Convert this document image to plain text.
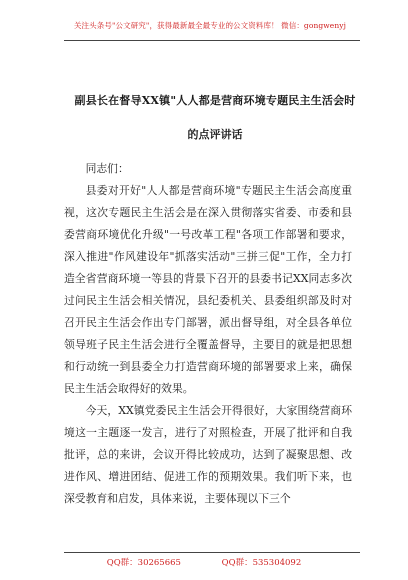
关注头条号"公文研究"，获得最新最全最专业的公文资料库！ 微信：gongwenyj
副县长在督导XX镇"人人都是营商环境专题民主生活会时
的点评讲话

同志们：

县委对开好"人人都是营商环境"专题民主生活会高度重视，这次专题民主生活会是在深入贯彻落实省委、市委和县委营商环境优化升级"一号改革工程"各项工作部署和要求，深入推进"作风建设年"抓落实活动"三拼三促"工作，全力打造全省营商环境一等县的背景下召开的县委书记XX同志多次过问民主生活会相关情况，县纪委机关、县委组织部及时对召开民主生活会作出专门部署，派出督导组，对全县各单位领导班子民主生活会进行全覆盖督导，主要目的就是把思想和行动统一到县委全力打造营商环境的部署要求上来，确保民主生活会取得好的效果。

今天，XX镇党委民主生活会开得很好，大家围绕营商环境这一主题逐一发言，进行了对照检查，开展了批评和自我批评，总的来讲，会议开得比较成功，达到了凝聚思想、改进作风、增进团结、促进工作的预期效果。我们听下来，也深受教育和启发，具体来说，主要体现以下三个

QQ群：30265665	QQ群：535304092
